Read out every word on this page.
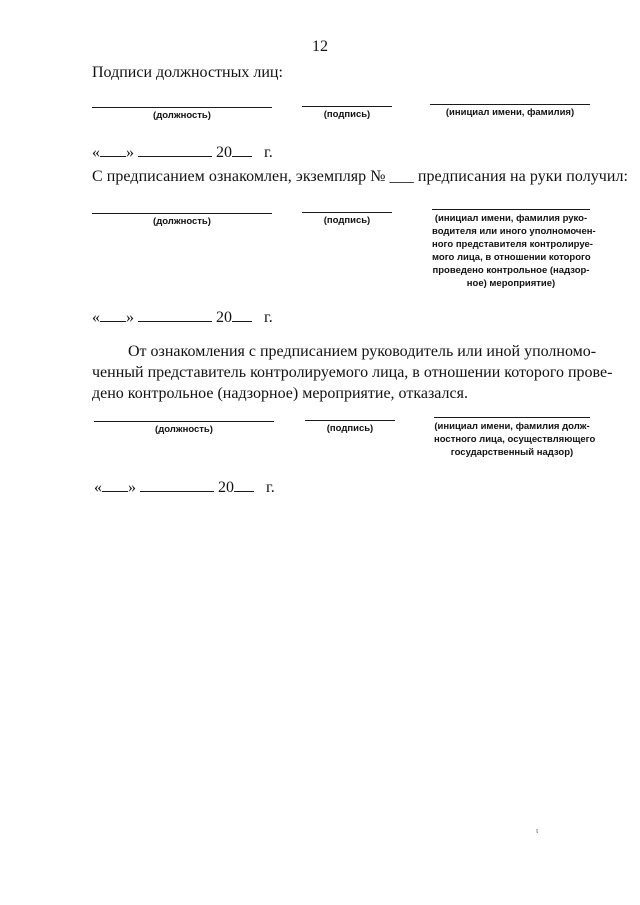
12
Подписи должностных лиц:
(должность)	(подпись)	(инициал имени, фамилия)
« »	20 г.
С предписанием ознакомлен, экземпляр № ___ предписания на руки получил:
(должность)	(подпись)	(инициал имени, фамилия руко-
водителя или иного уполномочен-
ного представителя контролируе-
мого лица, в отношении которого
проведено контрольное (надзор-
ное) мероприятие)
« »	20 г.
От ознакомления с предписанием руководитель или иной уполномо-
ченный представитель контролируемого лица, в отношении которого прове-
дено контрольное (надзорное) мероприятие, отказался.
(должность)	(подпись)	(инициал имени, фамилия долж-
ностного лица, осуществляющего
государственный надзор)
« »	20 г.
ι
